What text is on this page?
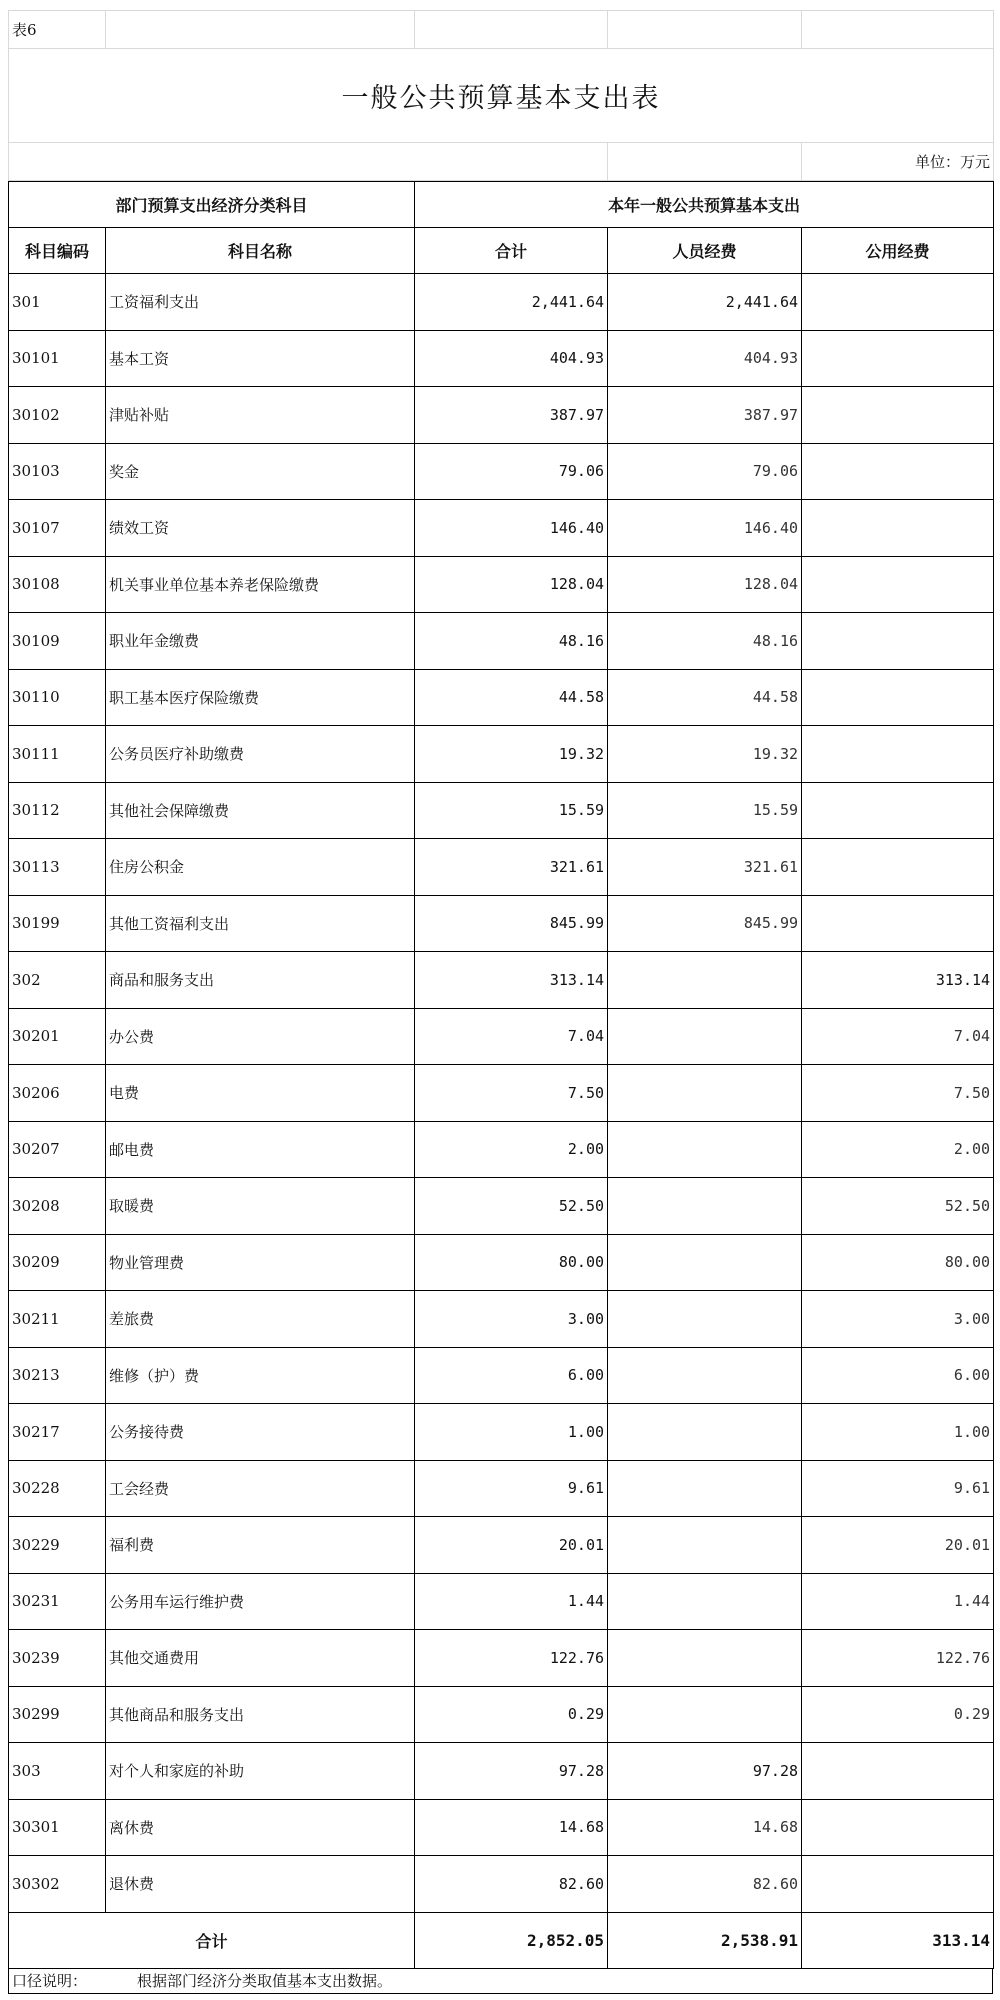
表6				
一般公共预算基本支出表				
				单位：万元
部门预算支出经济分类科目		本年一般公共预算基本支出		
科目编码	科目名称	合计	人员经费	公用经费
301	工资福利支出	2,441.64	2,441.64	
30101	基本工资	404.93	404.93	
30102	津贴补贴	387.97	387.97	
30103	奖金	79.06	79.06	
30107	绩效工资	146.40	146.40	
30108	机关事业单位基本养老保险缴费	128.04	128.04	
30109	职业年金缴费	48.16	48.16	
30110	职工基本医疗保险缴费	44.58	44.58	
30111	公务员医疗补助缴费	19.32	19.32	
30112	其他社会保障缴费	15.59	15.59	
30113	住房公积金	321.61	321.61	
30199	其他工资福利支出	845.99	845.99	
302	商品和服务支出	313.14		313.14
30201	办公费	7.04		7.04
30206	电费	7.50		7.50
30207	邮电费	2.00		2.00
30208	取暖费	52.50		52.50
30209	物业管理费	80.00		80.00
30211	差旅费	3.00		3.00
30213	维修（护）费	6.00		6.00
30217	公务接待费	1.00		1.00
30228	工会经费	9.61		9.61
30229	福利费	20.01		20.01
30231	公务用车运行维护费	1.44		1.44
30239	其他交通费用	122.76		122.76
30299	其他商品和服务支出	0.29		0.29
303	对个人和家庭的补助	97.28	97.28	
30301	离休费	14.68	14.68	
30302	退休费	82.60	82.60	
合计		2,852.05	2,538.91	313.14
口径说明：	根据部门经济分类取值基本支出数据。
